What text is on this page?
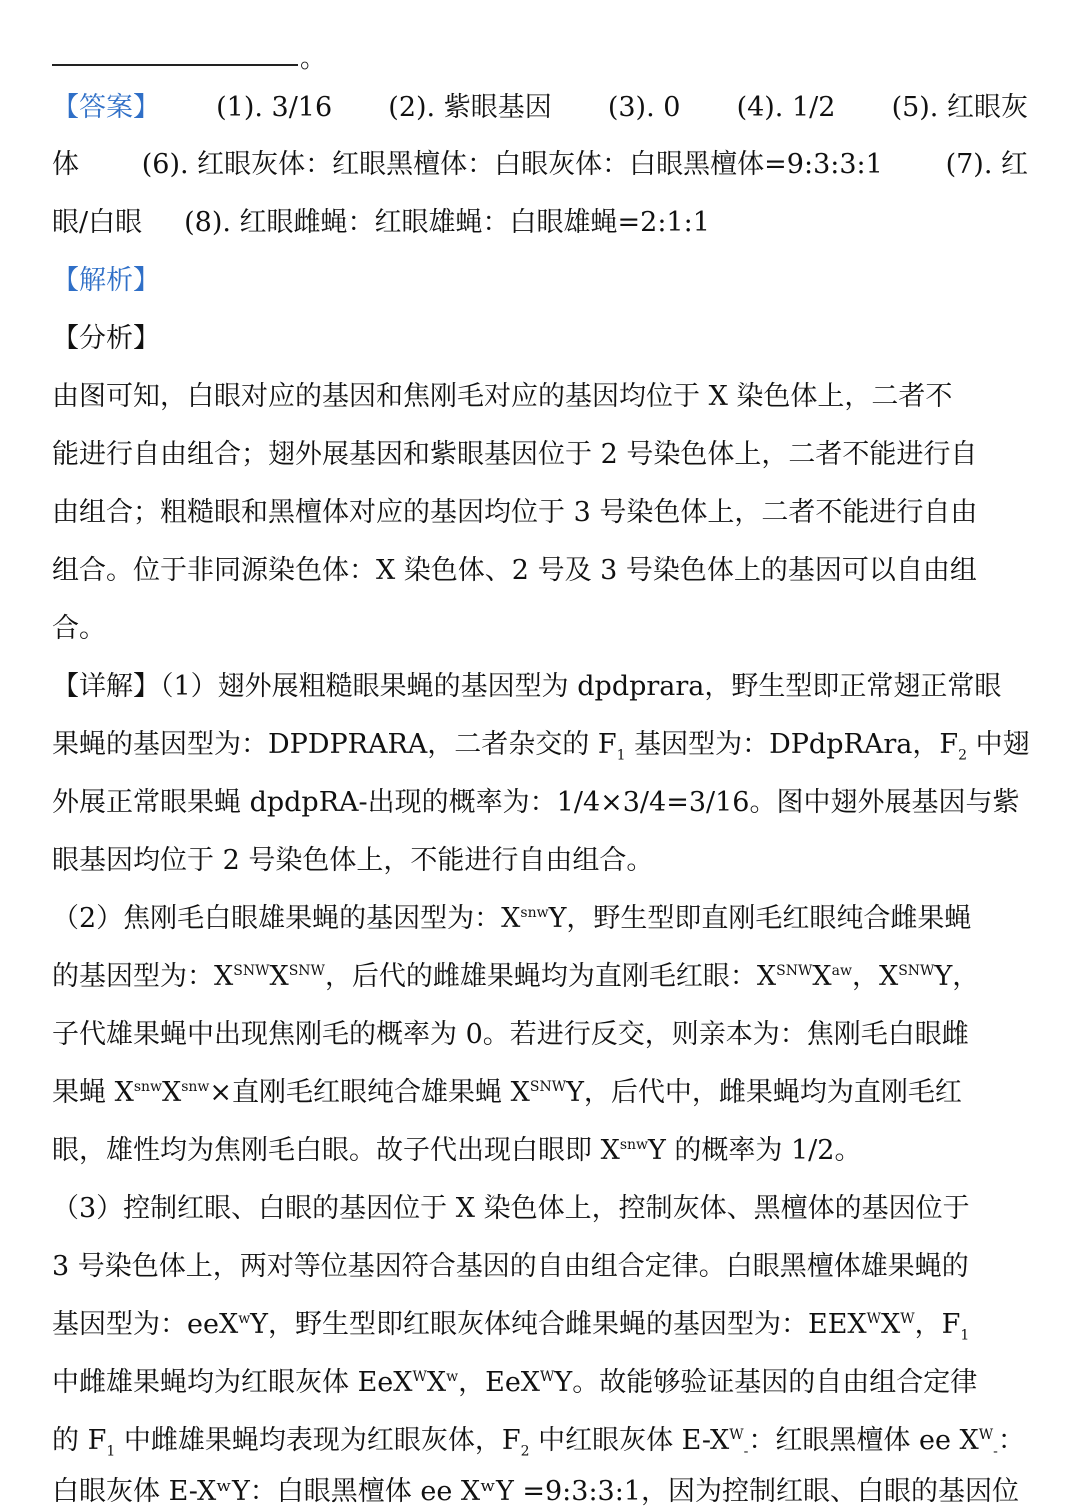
。
【答案】 (1). 3/16 (2). 紫眼基因 (3). 0 (4). 1/2 (5). 红眼灰
体 (6). 红眼灰体：红眼黑檀体：白眼灰体：白眼黑檀体=9:3:3:1 (7). 红
眼/白眼 (8). 红眼雌蝇：红眼雄蝇：白眼雄蝇=2:1:1
【解析】
【分析】
由图可知，白眼对应的基因和焦刚毛对应的基因均位于 X 染色体上，二者不
能进行自由组合；翅外展基因和紫眼基因位于 2 号染色体上，二者不能进行自
由组合；粗糙眼和黑檀体对应的基因均位于 3 号染色体上，二者不能进行自由
组合。位于非同源染色体：X 染色体、2 号及 3 号染色体上的基因可以自由组
合。
【详解】（1）翅外展粗糙眼果蝇的基因型为 dpdprara，野生型即正常翅正常眼
果蝇的基因型为：DPDPRARA，二者杂交的 $F_1$ 基因型为：DPdpRAra，$F_2$ 中翅
外展正常眼果蝇 dpdpRA-出现的概率为：1/4×3/4=3/16。图中翅外展基因与紫
眼基因均位于 2 号染色体上，不能进行自由组合。
（2）焦刚毛白眼雄果蝇的基因型为：$X^{snw}Y$，野生型即直刚毛红眼纯合雌果蝇
的基因型为：$X^{SNW}X^{SNW}$，后代的雌雄果蝇均为直刚毛红眼：$X^{SNW}X^{aw}$，$X^{SNW}Y$，
子代雄果蝇中出现焦刚毛的概率为 0。若进行反交，则亲本为：焦刚毛白眼雌
果蝇 $X^{snw}X^{snw}\times$直刚毛红眼纯合雄果蝇 $X^{SNW}Y$，后代中，雌果蝇均为直刚毛红
眼，雄性均为焦刚毛白眼。故子代出现白眼即 $X^{snw}Y$ 的概率为 1/2。
（3）控制红眼、白眼的基因位于 X 染色体上，控制灰体、黑檀体的基因位于
3 号染色体上，两对等位基因符合基因的自由组合定律。白眼黑檀体雄果蝇的
基因型为：eeX$^w$Y，野生型即红眼灰体纯合雌果蝇的基因型为：$EEX^WX^W$，$F_1$
中雌雄果蝇均为红眼灰体 $EeX^WX^w$，EeX$^W$Y。故能够验证基因的自由组合定律
的 $F_1$ 中雌雄果蝇均表现为红眼灰体，$F_2$ 中红眼灰体 $E-X^W_-$：红眼黑檀体 ee $X^W_-$：
白眼灰体 E-XʷY：白眼黑檀体 ee XʷY =9:3:3:1，因为控制红眼、白眼的基因位
